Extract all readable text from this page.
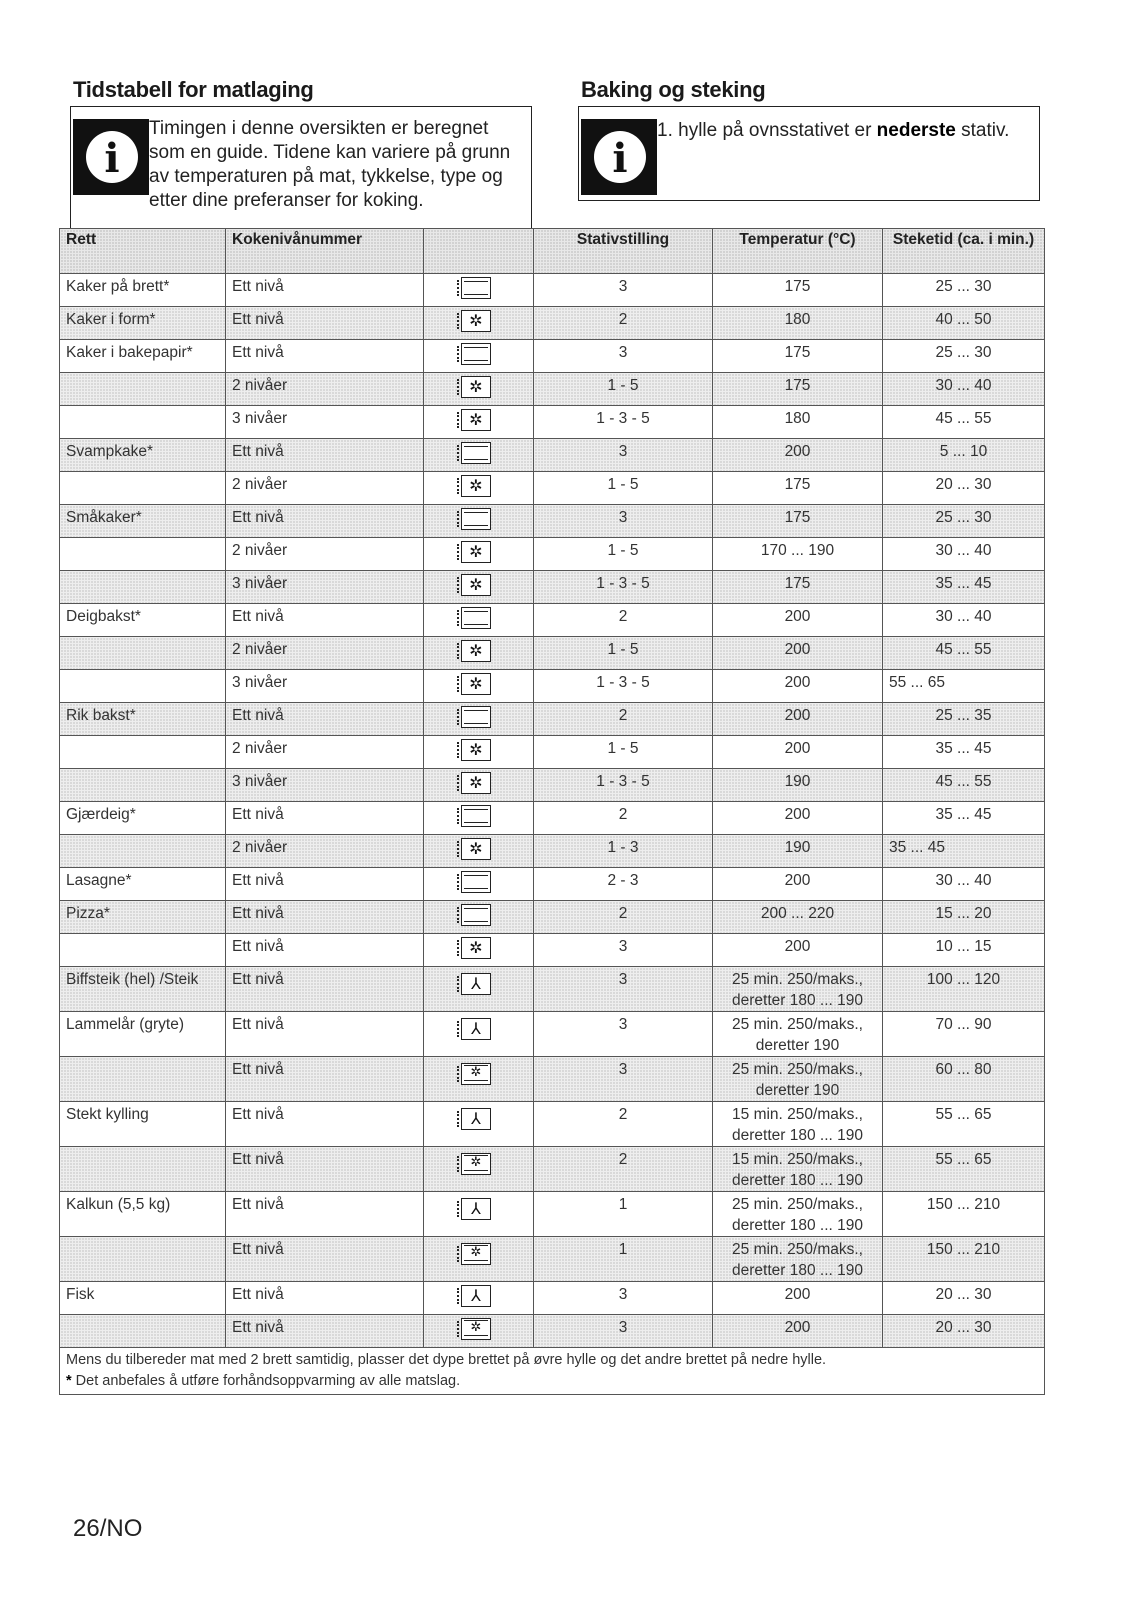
Tidstabell for matlaging	Baking og steking
i
Timingen i denne oversikten er beregnet som en guide. Tidene kan variere på grunn av temperaturen på mat, tykkelse, type og etter dine preferanser for koking.
i
1. hylle på ovnsstativet er nederste stativ.
Rett	Kokenivånummer		Stativstilling	Temperatur (°C)	Steketid (ca. i min.)
Kaker på brett*	Ett nivå		3	175	25 ... 30
Kaker i form*	Ett nivå	✲	2	180	40 ... 50
Kaker i bakepapir*	Ett nivå		3	175	25 ... 30
	2 nivåer	✲	1 - 5	175	30 ... 40
	3 nivåer	✲	1 - 3 - 5	180	45 ... 55
Svampkake*	Ett nivå		3	200	5 ... 10
	2 nivåer	✲	1 - 5	175	20 ... 30
Småkaker*	Ett nivå		3	175	25 ... 30
	2 nivåer	✲	1 - 5	170 ... 190	30 ... 40
	3 nivåer	✲	1 - 3 - 5	175	35 ... 45
Deigbakst*	Ett nivå		2	200	30 ... 40
	2 nivåer	✲	1 - 5	200	45 ... 55
	3 nivåer	✲	1 - 3 - 5	200	55 ... 65
Rik bakst*	Ett nivå		2	200	25 ... 35
	2 nivåer	✲	1 - 5	200	35 ... 45
	3 nivåer	✲	1 - 3 - 5	190	45 ... 55
Gjærdeig*	Ett nivå		2	200	35 ... 45
	2 nivåer	✲	1 - 3	190	35 ... 45
Lasagne*	Ett nivå		2 - 3	200	30 ... 40
Pizza*	Ett nivå		2	200 ... 220	15 ... 20
	Ett nivå	✲	3	200	10 ... 15
Biffsteik (hel) /Steik	Ett nivå	⅄	3	25 min. 250/maks., deretter 180 ... 190	100 ... 120
Lammelår (gryte)	Ett nivå	⅄	3	25 min. 250/maks., deretter 190	70 ... 90
	Ett nivå	✲	3	25 min. 250/maks., deretter 190	60 ... 80
Stekt kylling	Ett nivå	⅄	2	15 min. 250/maks., deretter 180 ... 190	55 ... 65
	Ett nivå	✲	2	15 min. 250/maks., deretter 180 ... 190	55 ... 65
Kalkun (5,5 kg)	Ett nivå	⅄	1	25 min. 250/maks., deretter 180 ... 190	150 ... 210
	Ett nivå	✲	1	25 min. 250/maks., deretter 180 ... 190	150 ... 210
Fisk	Ett nivå	⅄	3	200	20 ... 30
	Ett nivå	✲	3	200	20 ... 30

Mens du tilbereder mat med 2 brett samtidig, plasser det dype brettet på øvre hylle og det andre brettet på nedre hylle.
* Det anbefales å utføre forhåndsoppvarming av alle matslag.					
26/NO
